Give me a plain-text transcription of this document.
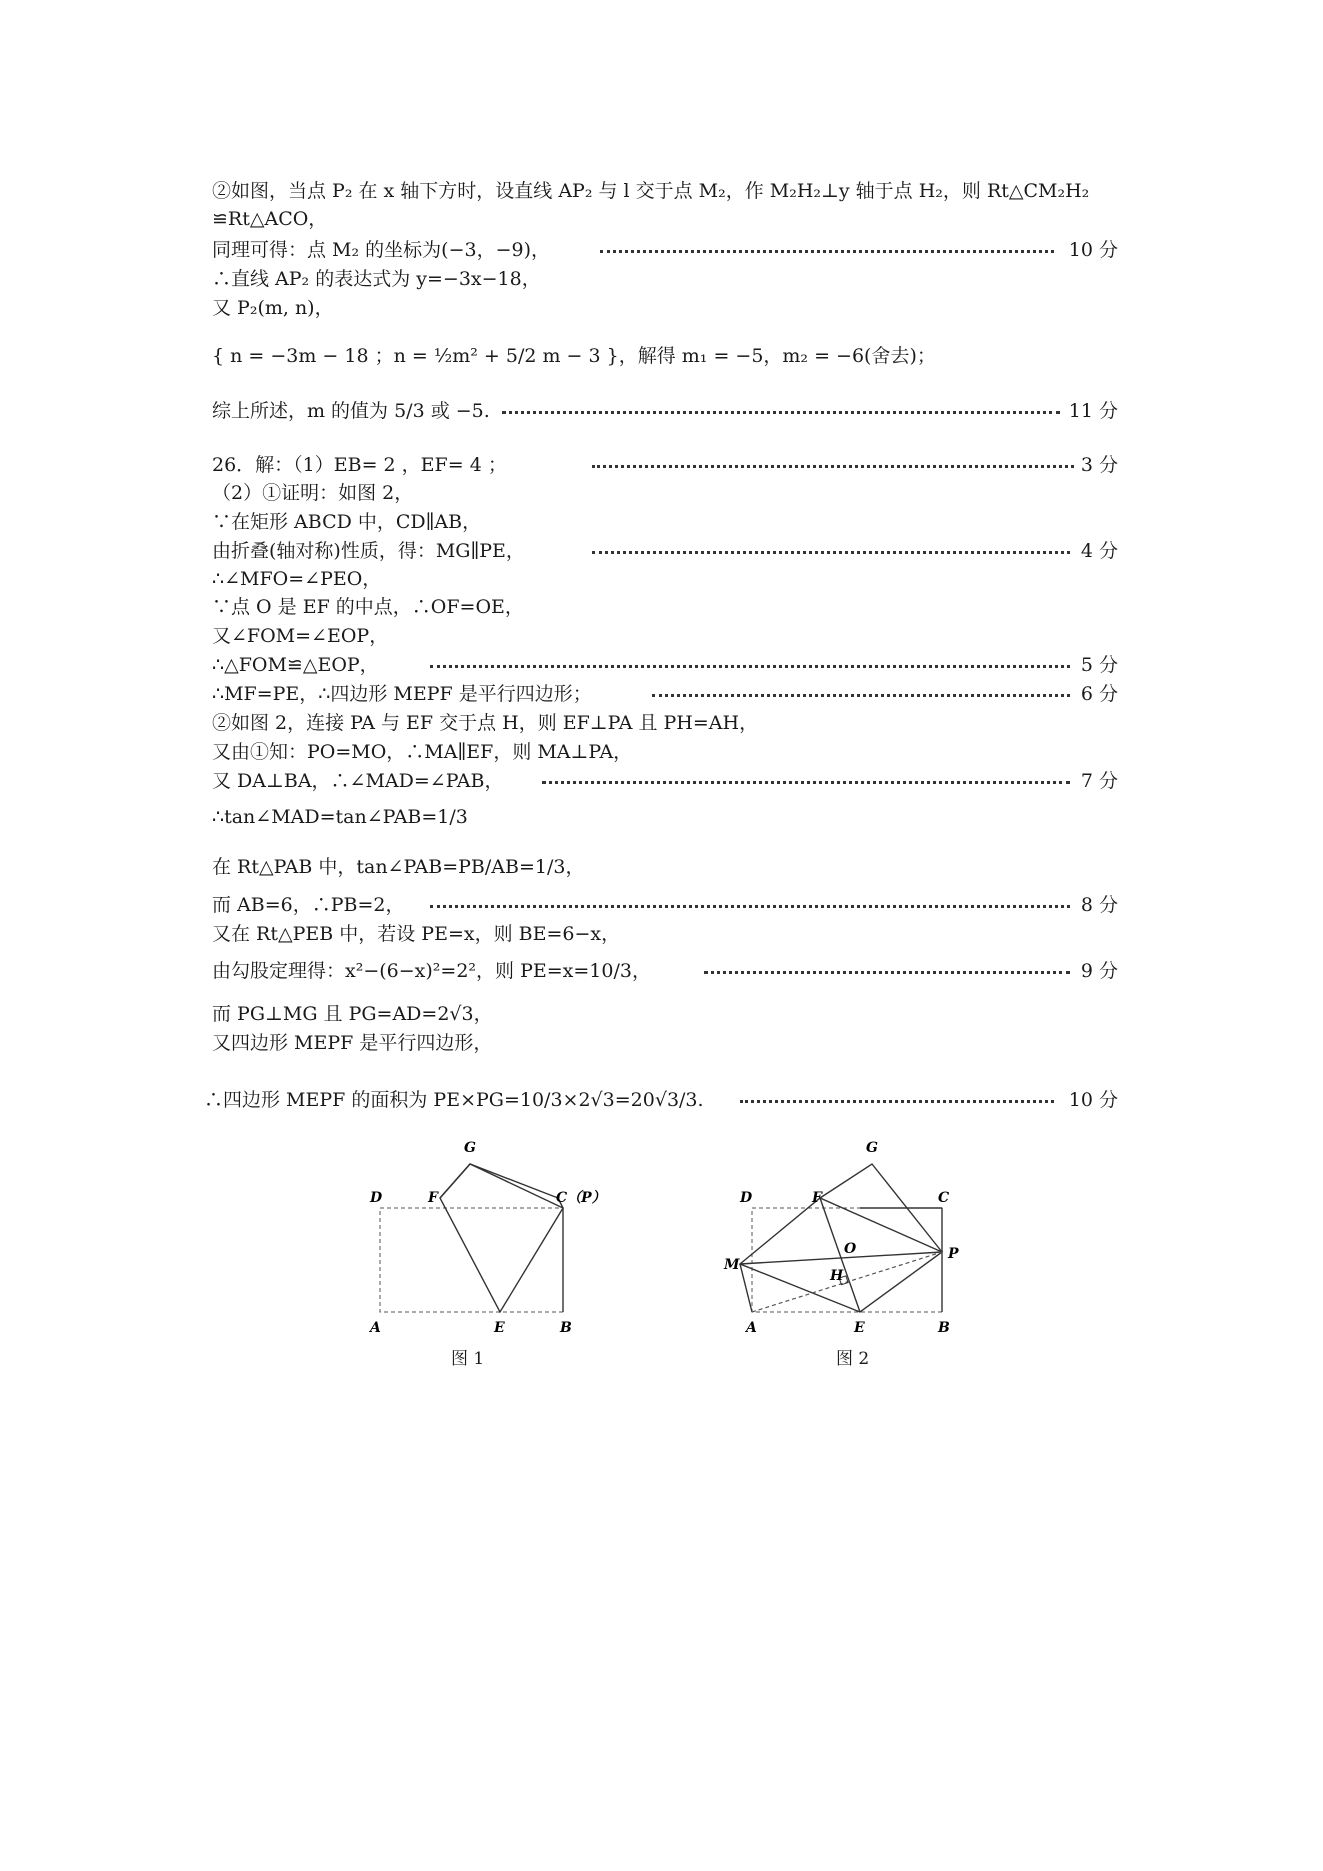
②如图，当点 P₂ 在 x 轴下方时，设直线 AP₂ 与 l 交于点 M₂，作 M₂H₂⊥y 轴于点 H₂，则 Rt△CM₂H₂
≌Rt△ACO，
同理可得：点 M₂ 的坐标为(−3，−9)，	10 分
∴直线 AP₂ 的表达式为 y=−3x−18，
又 P₂(m, n)，
{ n = −3m − 18 ；n = ½m² + 5/2 m − 3 }，解得 m₁ = −5，m₂ = −6(舍去)；
综上所述，m 的值为 5/3 或 −5.	11 分
26．解：（1）EB= 2 ，EF= 4 ；	3 分
（2）①证明：如图 2，
∵在矩形 ABCD 中，CD∥AB，
由折叠(轴对称)性质，得：MG∥PE，	4 分
∴∠MFO=∠PEO，
∵点 O 是 EF 的中点，∴OF=OE，
又∠FOM=∠EOP，
∴△FOM≌△EOP，	5 分
∴MF=PE，∴四边形 MEPF 是平行四边形；	6 分
②如图 2，连接 PA 与 EF 交于点 H，则 EF⊥PA 且 PH=AH，
又由①知：PO=MO，∴MA∥EF，则 MA⊥PA，
又 DA⊥BA，∴∠MAD=∠PAB，	7 分
∴tan∠MAD=tan∠PAB=1/3
在 Rt△PAB 中，tan∠PAB=PB/AB=1/3，
而 AB=6，∴PB=2，	8 分
又在 Rt△PEB 中，若设 PE=x，则 BE=6−x，
由勾股定理得：x²−(6−x)²=2²，则 PE=x=10/3，	9 分
而 PG⊥MG 且 PG=AD=2√3，
又四边形 MEPF 是平行四边形，
∴四边形 MEPF 的面积为 PE×PG=10/3×2√3=20√3/3.	10 分
G
D	F	C（P）
A	E	B
图 1
G
D	F	C
O
M
H
P
A	E	B
图 2
